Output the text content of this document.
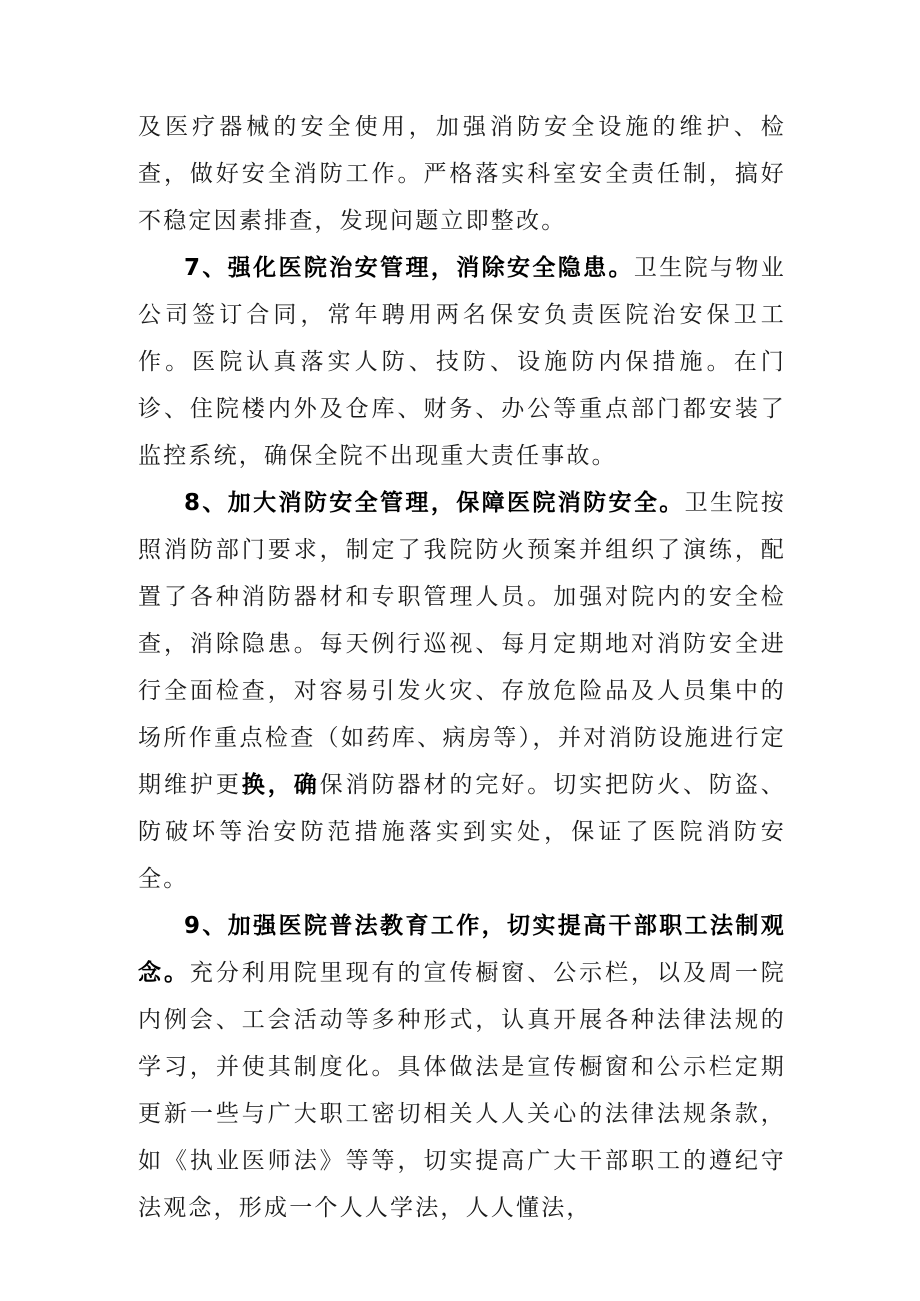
及医疗器械的安全使用，加强消防安全设施的维护、检查，做好安全消防工作。严格落实科室安全责任制，搞好不稳定因素排查，发现问题立即整改。

7、强化医院治安管理，消除安全隐患。卫生院与物业公司签订合同，常年聘用两名保安负责医院治安保卫工作。医院认真落实人防、技防、设施防内保措施。在门诊、住院楼内外及仓库、财务、办公等重点部门都安装了监控系统，确保全院不出现重大责任事故。

8、加大消防安全管理，保障医院消防安全。卫生院按照消防部门要求，制定了我院防火预案并组织了演练，配置了各种消防器材和专职管理人员。加强对院内的安全检查，消除隐患。每天例行巡视、每月定期地对消防安全进行全面检查，对容易引发火灾、存放危险品及人员集中的场所作重点检查（如药库、病房等），并对消防设施进行定期维护更换，确保消防器材的完好。切实把防火、防盗、防破坏等治安防范措施落实到实处，保证了医院消防安全。

9、加强医院普法教育工作，切实提高干部职工法制观念。充分利用院里现有的宣传橱窗、公示栏，以及周一院内例会、工会活动等多种形式，认真开展各种法律法规的学习，并使其制度化。具体做法是宣传橱窗和公示栏定期更新一些与广大职工密切相关人人关心的法律法规条款，如《执业医师法》等等，切实提高广大干部职工的遵纪守法观念，形成一个人人学法，人人懂法，
